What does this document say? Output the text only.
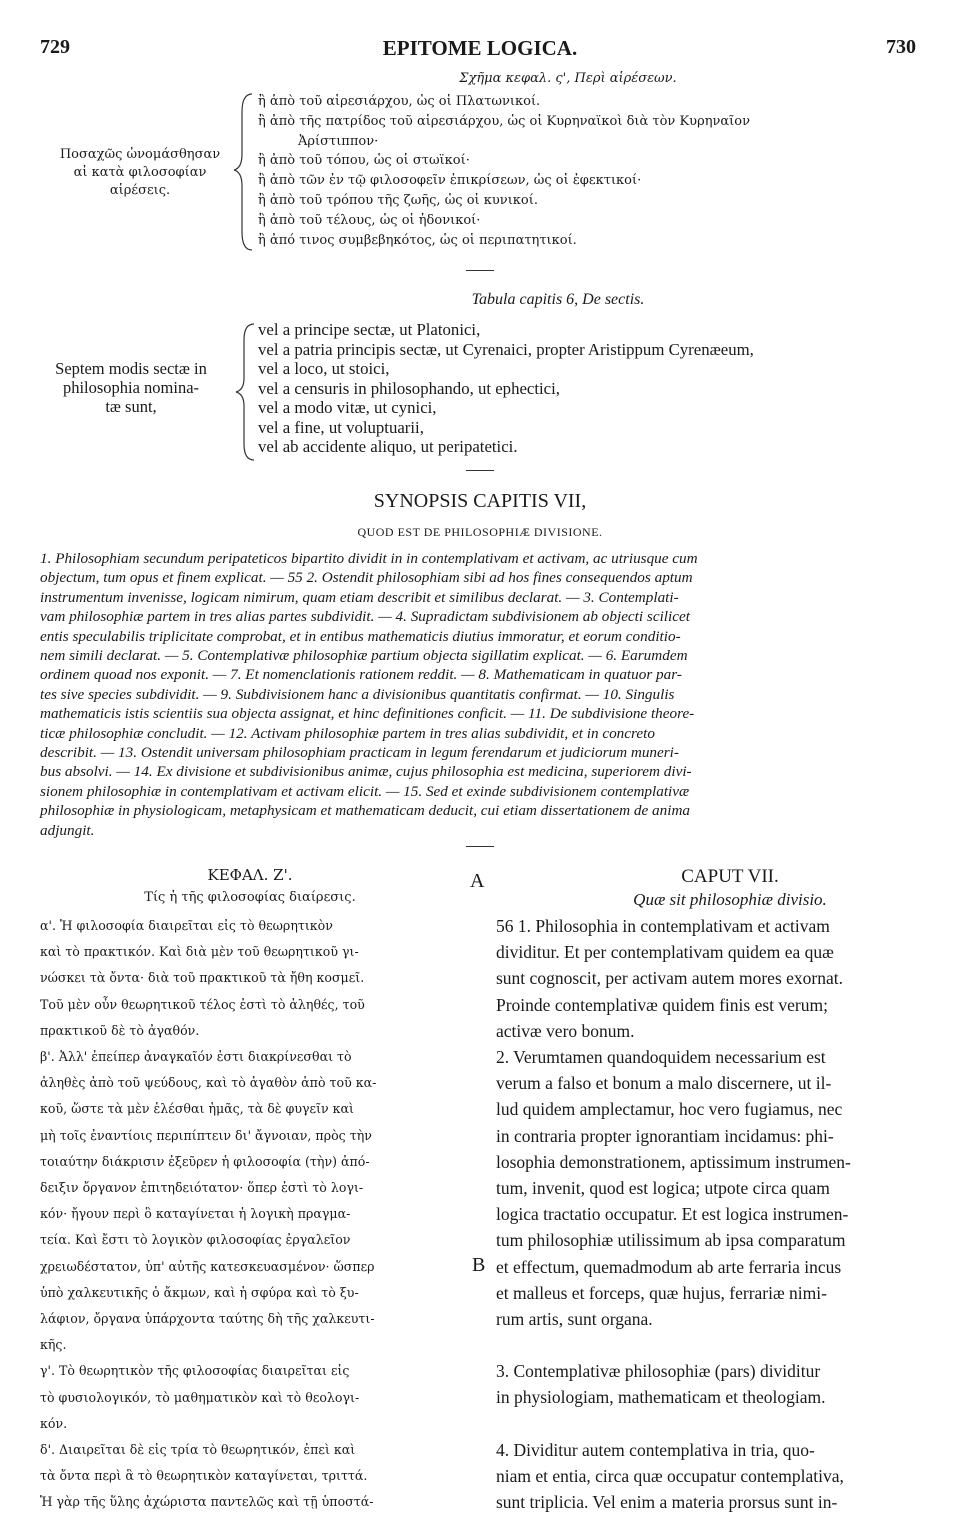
729	EPITOME LOGICA.	730
Σχῆμα κεφαλ. ς', Περὶ αἱρέσεων.
Ποσαχῶς ὠνομάσθησαν
αἱ κατὰ φιλοσοφίαν
αἱρέσεις.
ἢ ἀπὸ τοῦ αἱρεσιάρχου, ὡς οἱ Πλατωνικοί.
ἢ ἀπὸ τῆς πατρίδος τοῦ αἱρεσιάρχου, ὡς οἱ Κυρηναϊκοὶ διὰ τὸν Κυρηναῖον
Ἀρίστιππον·
ἢ ἀπὸ τοῦ τόπου, ὡς οἱ στωϊκοί·
ἢ ἀπὸ τῶν ἐν τῷ φιλοσοφεῖν ἐπικρίσεων, ὡς οἱ ἐφεκτικοί·
ἢ ἀπὸ τοῦ τρόπου τῆς ζωῆς, ὡς οἱ κυνικοί.
ἢ ἀπὸ τοῦ τέλους, ὡς οἱ ἡδονικοί·
ἢ ἀπό τινος συμβεβηκότος, ὡς οἱ περιπατητικοί.
Tabula capitis 6, De sectis.
Septem modis sectæ in
philosophia nomina-
tæ sunt,
vel a principe sectæ, ut Platonici,
vel a patria principis sectæ, ut Cyrenaici, propter Aristippum Cyrenæeum,
vel a loco, ut stoici,
vel a censuris in philosophando, ut ephectici,
vel a modo vitæ, ut cynici,
vel a fine, ut voluptuarii,
vel ab accidente aliquo, ut peripatetici.
SYNOPSIS CAPITIS VII,
QUOD EST DE PHILOSOPHIÆ DIVISIONE.
1. Philosophiam secundum peripateticos bipartito dividit in in contemplativam et activam, ac utriusque cum
objectum, tum opus et finem explicat. — 55 2. Ostendit philosophiam sibi ad hos fines consequendos aptum
instrumentum invenisse, logicam nimirum, quam etiam describit et similibus declarat. — 3. Contemplati-
vam philosophiæ partem in tres alias partes subdividit. — 4. Supradictam subdivisionem ab objecti scilicet
entis speculabilis triplicitate comprobat, et in entibus mathematicis diutius immoratur, et eorum conditio-
nem simili declarat. — 5. Contemplativæ philosophiæ partium objecta sigillatim explicat. — 6. Earumdem
ordinem quoad nos exponit. — 7. Et nomenclationis rationem reddit. — 8. Mathematicam in quatuor par-
tes sive species subdividit. — 9. Subdivisionem hanc a divisionibus quantitatis confirmat. — 10. Singulis
mathematicis istis scientiis sua objecta assignat, et hinc definitiones conficit. — 11. De subdivisione theore-
ticæ philosophiæ concludit. — 12. Activam philosophiæ partem in tres alias subdividit, et in concreto
describit. — 13. Ostendit universam philosophiam practicam in legum ferendarum et judiciorum muneri-
bus absolvi. — 14. Ex divisione et subdivisionibus animæ, cujus philosophia est medicina, superiorem divi-
sionem philosophiæ in contemplativam et activam elicit. — 15. Sed et exinde subdivisionem contemplativæ
philosophiæ in physiologicam, metaphysicam et mathematicam deducit, cui etiam dissertationem de anima
adjungit.
ΚΕΦΑΛ. Ζ'.
Τίς ἡ τῆς φιλοσοφίας διαίρεσις.
CAPUT VII.
Quæ sit philosophiæ divisio.
A
B
α'. Ἡ φιλοσοφία διαιρεῖται εἰς τὸ θεωρητικὸν
καὶ τὸ πρακτικόν. Καὶ διὰ μὲν τοῦ θεωρητικοῦ γι-
νώσκει τὰ ὄντα· διὰ τοῦ πρακτικοῦ τὰ ἤθη κοσμεῖ.
Τοῦ μὲν οὖν θεωρητικοῦ τέλος ἐστὶ τὸ ἀληθές, τοῦ
πρακτικοῦ δὲ τὸ ἀγαθόν.
β'. Ἀλλ' ἐπείπερ ἀναγκαῖόν ἐστι διακρίνεσθαι τὸ
ἀληθὲς ἀπὸ τοῦ ψεύδους, καὶ τὸ ἀγαθὸν ἀπὸ τοῦ κα-
κοῦ, ὥστε τὰ μὲν ἑλέσθαι ἡμᾶς, τὰ δὲ φυγεῖν καὶ
μὴ τοῖς ἐναντίοις περιπίπτειν δι' ἄγνοιαν, πρὸς τὴν
τοιαύτην διάκρισιν ἐξεῦρεν ἡ φιλοσοφία (τὴν) ἀπό-
δειξιν ὄργανον ἐπιτηδειότατον· ὅπερ ἐστὶ τὸ λογι-
κόν· ἤγουν περὶ ὃ καταγίνεται ἡ λογικὴ πραγμα-
τεία. Καὶ ἔστι τὸ λογικὸν φιλοσοφίας ἐργαλεῖον
χρειωδέστατον, ὑπ' αὐτῆς κατεσκευασμένον· ὥσπερ
ὑπὸ χαλκευτικῆς ὁ ἄκμων, καὶ ἡ σφύρα καὶ τὸ ξυ-
λάφιον, ὄργανα ὑπάρχοντα ταύτης δὴ τῆς χαλκευτι-
κῆς.
γ'. Τὸ θεωρητικὸν τῆς φιλοσοφίας διαιρεῖται εἰς
τὸ φυσιολογικόν, τὸ μαθηματικὸν καὶ τὸ θεολογι-
κόν.
δ'. Διαιρεῖται δὲ εἰς τρία τὸ θεωρητικόν, ἐπεὶ καὶ
τὰ ὄντα περὶ ἃ τὸ θεωρητικὸν καταγίνεται, τριττά.
Ἡ γὰρ τῆς ὕλης ἀχώριστα παντελῶς καὶ τῇ ὑποστά-
56 1. Philosophia in contemplativam et activam
dividitur. Et per contemplativam quidem ea quæ
sunt cognoscit, per activam autem mores exornat.
Proinde contemplativæ quidem finis est verum;
activæ vero bonum.
2. Verumtamen quandoquidem necessarium est
verum a falso et bonum a malo discernere, ut il-
lud quidem amplectamur, hoc vero fugiamus, nec
in contraria propter ignorantiam incidamus: phi-
losophia demonstrationem, aptissimum instrumen-
tum, invenit, quod est logica; utpote circa quam
logica tractatio occupatur. Et est logica instrumen-
tum philosophiæ utilissimum ab ipsa comparatum
et effectum, quemadmodum ab arte ferraria incus
et malleus et forceps, quæ hujus, ferrariæ nimi-
rum artis, sunt organa.
3. Contemplativæ philosophiæ (pars) dividitur
in physiologiam, mathematicam et theologiam.
4. Dividitur autem contemplativa in tria, quo-
niam et entia, circa quæ occupatur contemplativa,
sunt triplicia. Vel enim a materia prorsus sunt in-
